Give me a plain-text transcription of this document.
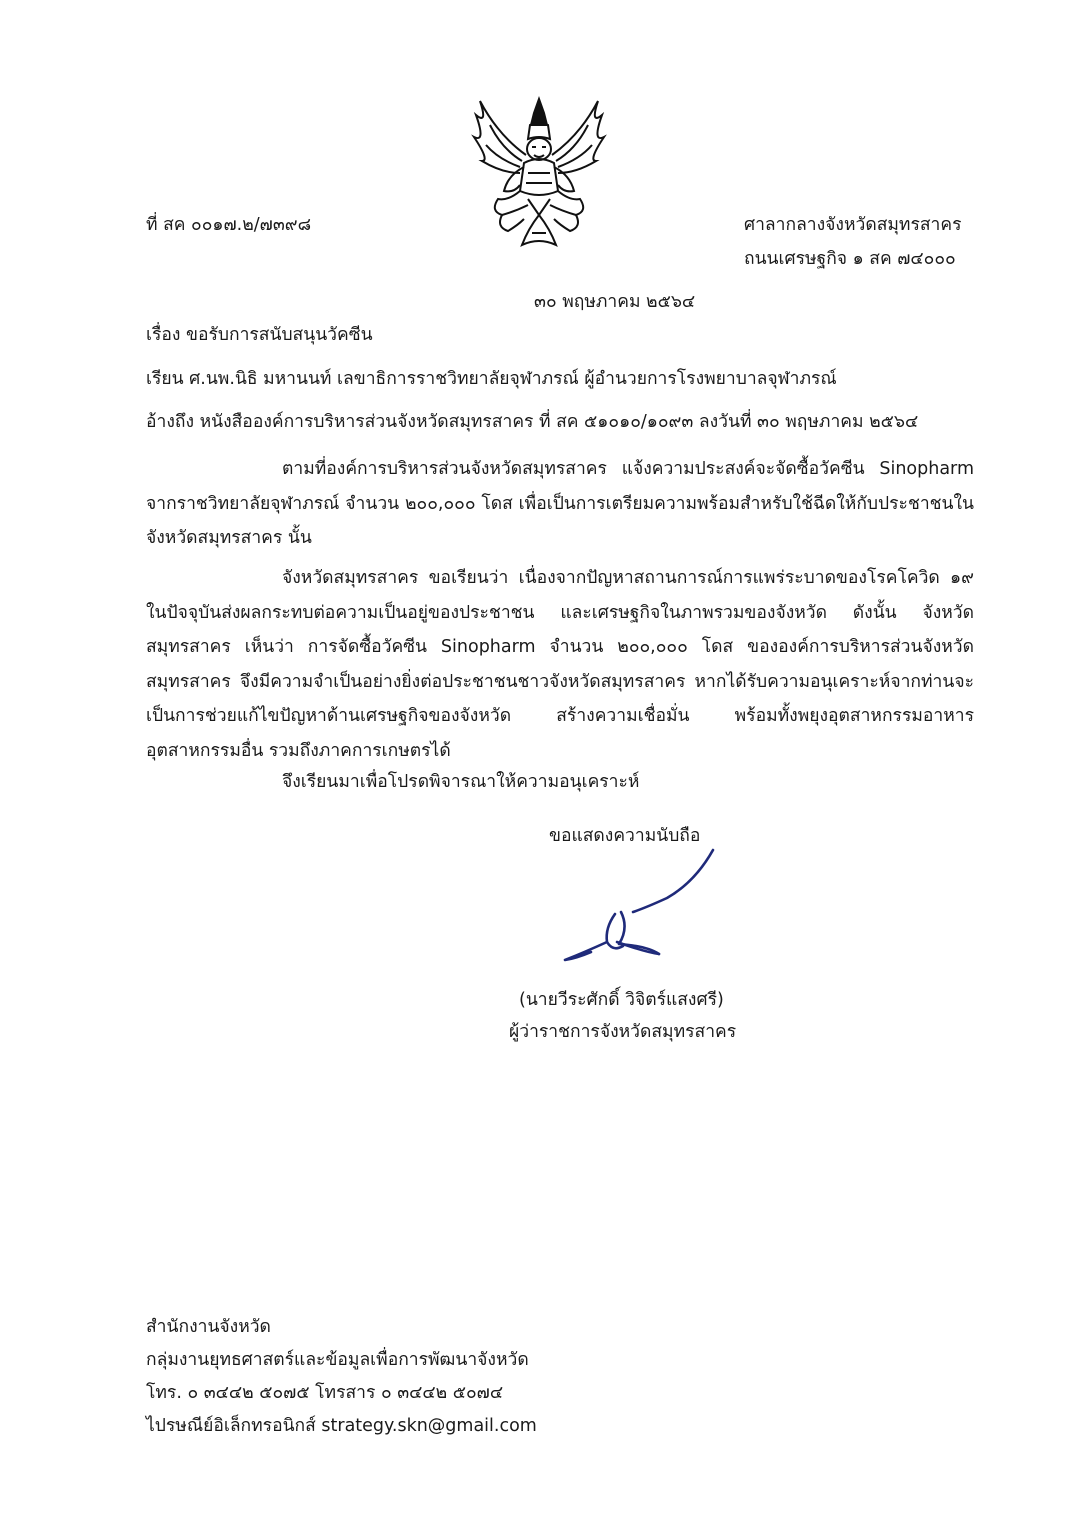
ที่ สค ๐๐๑๗.๒/๗๓๙๘	ศาลากลางจังหวัดสมุทรสาคร
ถนนเศรษฐกิจ ๑ สค ๗๔๐๐๐
๓๐ พฤษภาคม ๒๕๖๔
เรื่อง ขอรับการสนับสนุนวัคซีน
เรียน ศ.นพ.นิธิ มหานนท์ เลขาธิการราชวิทยาลัยจุฬาภรณ์ ผู้อำนวยการโรงพยาบาลจุฬาภรณ์
อ้างถึง หนังสือองค์การบริหารส่วนจังหวัดสมุทรสาคร ที่ สค ๕๑๐๑๐/๑๐๙๓ ลงวันที่ ๓๐ พฤษภาคม ๒๕๖๔
ตามที่องค์การบริหารส่วนจังหวัดสมุทรสาคร แจ้งความประสงค์จะจัดซื้อวัคซีน Sinopharm จากราชวิทยาลัยจุฬาภรณ์ จำนวน ๒๐๐,๐๐๐ โดส เพื่อเป็นการเตรียมความพร้อมสำหรับใช้ฉีดให้กับประชาชนในจังหวัดสมุทรสาคร นั้น
จังหวัดสมุทรสาคร ขอเรียนว่า เนื่องจากปัญหาสถานการณ์การแพร่ระบาดของโรคโควิด ๑๙ ในปัจจุบันส่งผลกระทบต่อความเป็นอยู่ของประชาชน และเศรษฐกิจในภาพรวมของจังหวัด ดังนั้น จังหวัดสมุทรสาคร เห็นว่า การจัดซื้อวัคซีน Sinopharm จำนวน ๒๐๐,๐๐๐ โดส ขององค์การบริหารส่วนจังหวัดสมุทรสาคร จึงมีความจำเป็นอย่างยิ่งต่อประชาชนชาวจังหวัดสมุทรสาคร หากได้รับความอนุเคราะห์จากท่านจะเป็นการช่วยแก้ไขปัญหาด้านเศรษฐกิจของจังหวัด สร้างความเชื่อมั่น พร้อมทั้งพยุงอุตสาหกรรมอาหาร อุตสาหกรรมอื่น รวมถึงภาคการเกษตรได้
จึงเรียนมาเพื่อโปรดพิจารณาให้ความอนุเคราะห์
ขอแสดงความนับถือ
(นายวีระศักดิ์ วิจิตร์แสงศรี)
ผู้ว่าราชการจังหวัดสมุทรสาคร
สำนักงานจังหวัด
กลุ่มงานยุทธศาสตร์และข้อมูลเพื่อการพัฒนาจังหวัด
โทร. ๐ ๓๔๔๒ ๕๐๗๕ โทรสาร ๐ ๓๔๔๒ ๕๐๗๔
ไปรษณีย์อิเล็กทรอนิกส์ strategy.skn@gmail.com
